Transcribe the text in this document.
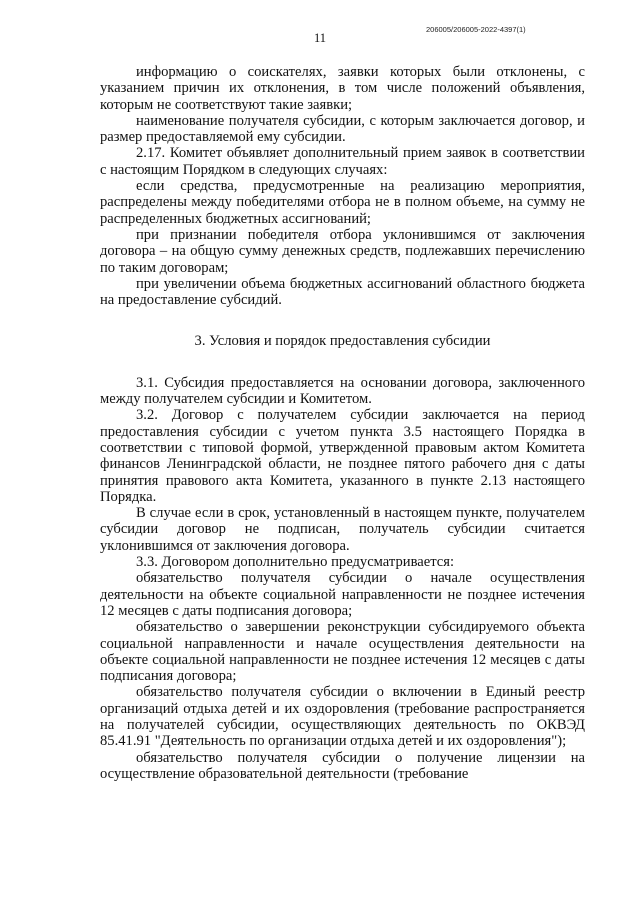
206005/206005-2022-4397(1)
11

информацию о соискателях, заявки которых были отклонены, с указанием причин их отклонения, в том числе положений объявления, которым не соответствуют такие заявки;

наименование получателя субсидии, с которым заключается договор, и размер предоставляемой ему субсидии.

2.17. Комитет объявляет дополнительный прием заявок в соответствии с настоящим Порядком в следующих случаях:

если средства, предусмотренные на реализацию мероприятия, распределены между победителями отбора не в полном объеме, на сумму не распределенных бюджетных ассигнований;

при признании победителя отбора уклонившимся от заключения договора – на общую сумму денежных средств, подлежавших перечислению по таким договорам;

при увеличении объема бюджетных ассигнований областного бюджета на предоставление субсидий.

3. Условия и порядок предоставления субсидии

3.1. Субсидия предоставляется на основании договора, заключенного между получателем субсидии и Комитетом.

3.2. Договор с получателем субсидии заключается на период предоставления субсидии с учетом пункта 3.5 настоящего Порядка в соответствии с типовой формой, утвержденной правовым актом Комитета финансов Ленинградской области, не позднее пятого рабочего дня с даты принятия правового акта Комитета, указанного в пункте 2.13 настоящего Порядка.

В случае если в срок, установленный в настоящем пункте, получателем субсидии договор не подписан, получатель субсидии считается уклонившимся от заключения договора.

3.3. Договором дополнительно предусматривается:

обязательство получателя субсидии о начале осуществления деятельности на объекте социальной направленности не позднее истечения 12 месяцев с даты подписания договора;

обязательство о завершении реконструкции субсидируемого объекта социальной направленности и начале осуществления деятельности на объекте социальной направленности не позднее истечения 12 месяцев с даты подписания договора;

обязательство получателя субсидии о включении в Единый реестр организаций отдыха детей и их оздоровления (требование распространяется на получателей субсидии, осуществляющих деятельность по ОКВЭД 85.41.91 "Деятельность по организации отдыха детей и их оздоровления");

обязательство получателя субсидии о получение лицензии на осуществление образовательной деятельности (требование
